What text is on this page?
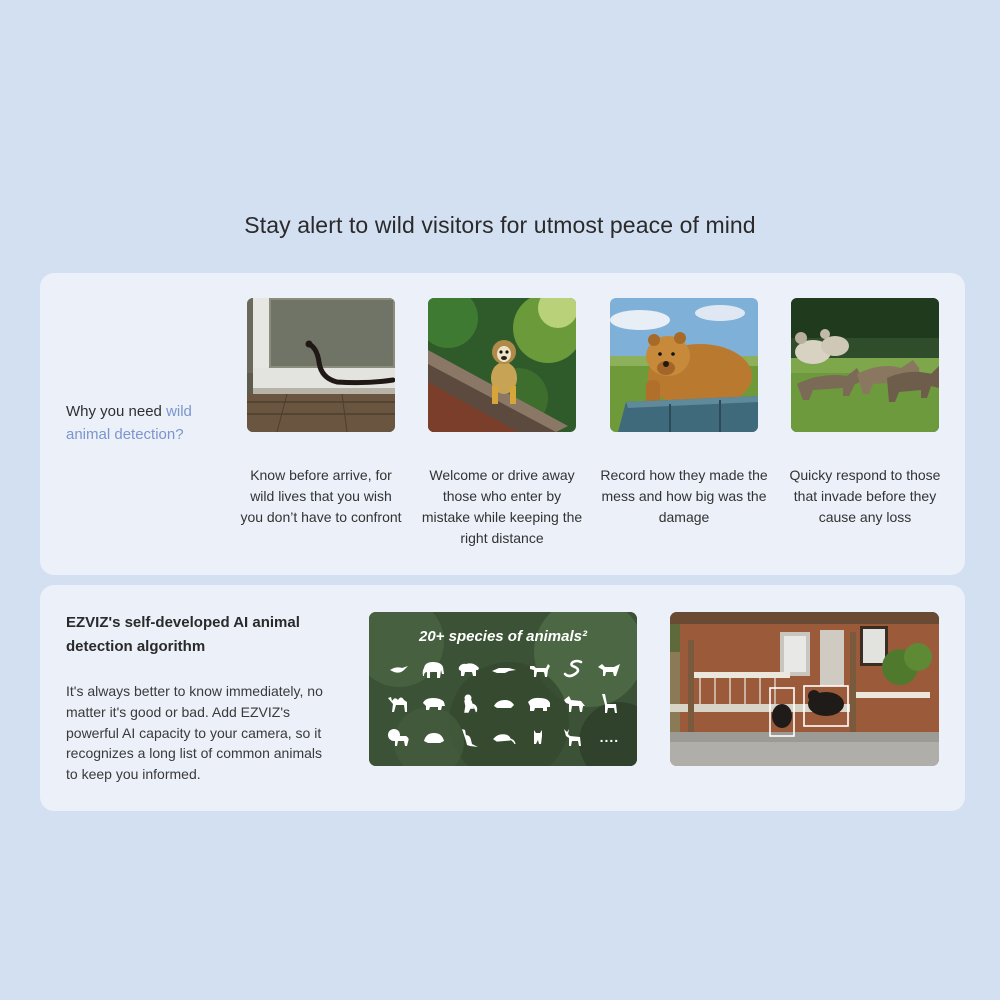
Stay alert to wild visitors for utmost peace of mind
Why you need wild animal detection?
Know before arrive, for wild lives that you wish you don’t have to confront
Welcome or drive away those who enter by mistake while keeping the right distance
Record how they made the mess and how big was the damage
Quicky respond to those that invade before they cause any loss
EZVIZ's self-developed AI animal detection algorithm
It's always better to know immediately, no matter it's good or bad. Add EZVIZ's powerful AI capacity to your camera, so it recognizes a long list of common animals to keep you informed.
20+ species of animals²
....
